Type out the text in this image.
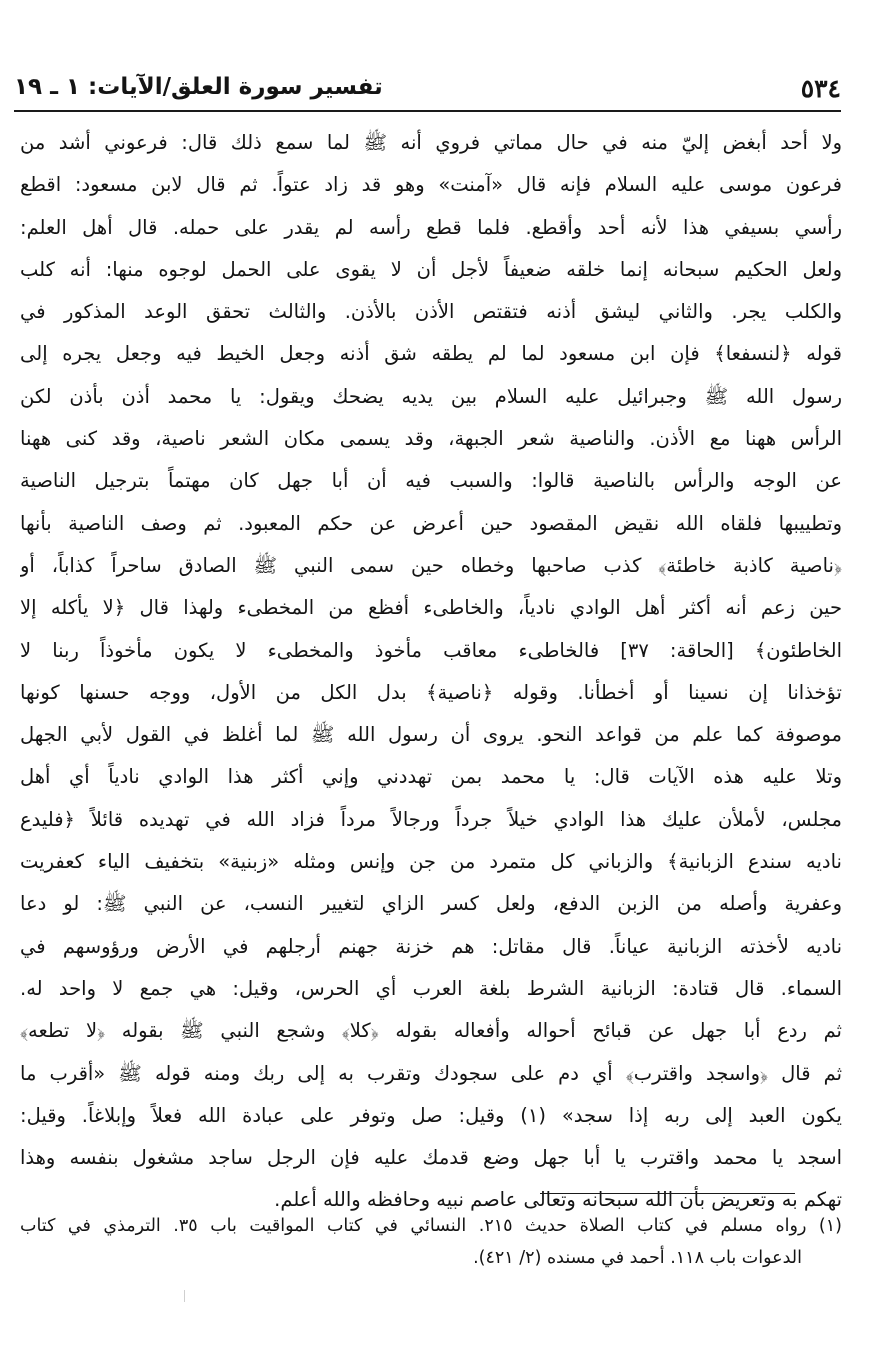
٥٣٤
تفسير سورة العلق/الآيات: ١ ـ ١٩
ولا أحد أبغض إليّ منه في حال مماتي فروي أنه ﷺ لما سمع ذلك قال: فرعوني أشد من
فرعون موسى عليه السلام فإنه قال «آمنت» وهو قد زاد عتواً. ثم قال لابن مسعود: اقطع
رأسي بسيفي هذا لأنه أحد وأقطع. فلما قطع رأسه لم يقدر على حمله. قال أهل العلم:
ولعل الحكيم سبحانه إنما خلقه ضعيفاً لأجل أن لا يقوى على الحمل لوجوه منها: أنه كلب
والكلب يجر. والثاني ليشق أذنه فتقتص الأذن بالأذن. والثالث تحقق الوعد المذكور في
قوله ﴿لنسفعا﴾ فإن ابن مسعود لما لم يطقه شق أذنه وجعل الخيط فيه وجعل يجره إلى
رسول الله ﷺ وجبرائيل عليه السلام بين يديه يضحك ويقول: يا محمد أذن بأذن لكن
الرأس ههنا مع الأذن. والناصية شعر الجبهة، وقد يسمى مكان الشعر ناصية، وقد كنى ههنا
عن الوجه والرأس بالناصية قالوا: والسبب فيه أن أبا جهل كان مهتماً بترجيل الناصية
وتطييبها فلقاه الله نقيض المقصود حين أعرض عن حكم المعبود. ثم وصف الناصية بأنها
﴿ناصية كاذبة خاطئة﴾ كذب صاحبها وخطاه حين سمى النبي ﷺ الصادق ساحراً كذاباً، أو
حين زعم أنه أكثر أهل الوادي نادياً، والخاطىء أفظع من المخطىء ولهذا قال ﴿لا يأكله إلا
الخاطئون﴾ [الحاقة: ٣٧] فالخاطىء معاقب مأخوذ والمخطىء لا يكون مأخوذاً ربنا لا
تؤخذانا إن نسينا أو أخطأنا. وقوله ﴿ناصية﴾ بدل الكل من الأول، ووجه حسنها كونها
موصوفة كما علم من قواعد النحو. يروى أن رسول الله ﷺ لما أغلظ في القول لأبي الجهل
وتلا عليه هذه الآيات قال: يا محمد بمن تهددني وإني أكثر هذا الوادي نادياً أي أهل
مجلس، لأملأن عليك هذا الوادي خيلاً جرداً ورجالاً مرداً فزاد الله في تهديده قائلاً ﴿فليدع
ناديه سندع الزبانية﴾ والزباني كل متمرد من جن وإنس ومثله «زبنية» بتخفيف الياء كعفريت
وعفرية وأصله من الزبن الدفع، ولعل كسر الزاي لتغيير النسب، عن النبي ﷺ: لو دعا
ناديه لأخذته الزبانية عياناً. قال مقاتل: هم خزنة جهنم أرجلهم في الأرض ورؤوسهم في
السماء. قال قتادة: الزبانية الشرط بلغة العرب أي الحرس، وقيل: هي جمع لا واحد له.
ثم ردع أبا جهل عن قبائح أحواله وأفعاله بقوله ﴿كلا﴾ وشجع النبي ﷺ بقوله ﴿لا تطعه﴾
ثم قال ﴿واسجد واقترب﴾ أي دم على سجودك وتقرب به إلى ربك ومنه قوله ﷺ «أقرب ما
يكون العبد إلى ربه إذا سجد» (١) وقيل: صل وتوفر على عبادة الله فعلاً وإبلاغاً. وقيل:
اسجد يا محمد واقترب يا أبا جهل وضع قدمك عليه فإن الرجل ساجد مشغول بنفسه وهذا
تهكم به وتعريض بأن الله سبحانه وتعالى عاصم نبيه وحافظه والله أعلم.
(١) رواه مسلم في كتاب الصلاة حديث ٢١٥. النسائي في كتاب المواقيت باب ٣٥. الترمذي في كتاب
الدعوات باب ١١٨. أحمد في مسنده (٢/ ٤٢١).
